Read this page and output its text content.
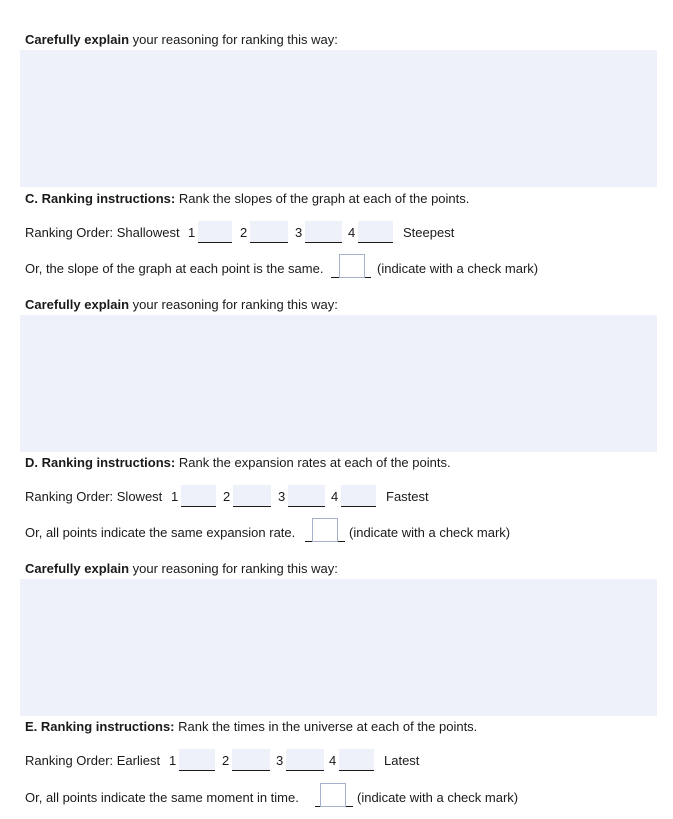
Carefully explain your reasoning for ranking this way:
C. Ranking instructions: Rank the slopes of the graph at each of the points.
Ranking Order: Shallowest 1	2	3	4	Steepest
Or, the slope of the graph at each point is the same.	(indicate with a check mark)
Carefully explain your reasoning for ranking this way:
D. Ranking instructions: Rank the expansion rates at each of the points.
Ranking Order: Slowest 1	2	3	4	Fastest
Or, all points indicate the same expansion rate.	(indicate with a check mark)
Carefully explain your reasoning for ranking this way:
E. Ranking instructions: Rank the times in the universe at each of the points.
Ranking Order: Earliest 1	2	3	4	Latest
Or, all points indicate the same moment in time.	(indicate with a check mark)
